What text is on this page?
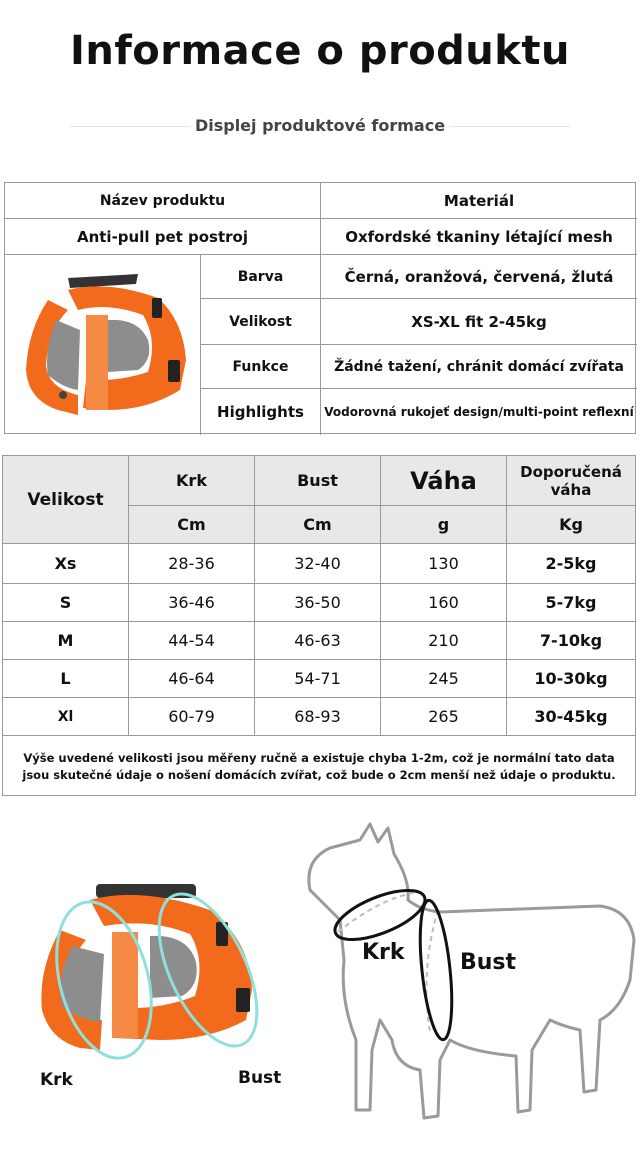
Informace o produktu
Displej produktové formace
Název produktu	Materiál
Anti-pull pet postroj	Oxfordské tkaniny létající mesh
Barva	Černá, oranžová, červená, žlutá
Velikost	XS-XL fit 2-45kg
Funkce	Žádné tažení, chránit domácí zvířata
Highlights	Vodorovná rukojeť design/multi-point reflexní
Velikost
Krk	Bust	Váha	Doporučená váha
Cm	Cm	g	Kg
Xs	28-36	32-40	130	2-5kg
S	36-46	36-50	160	5-7kg
M	44-54	46-63	210	7-10kg
L	46-64	54-71	245	10-30kg
Xl	60-79	68-93	265	30-45kg
Výše uvedené velikosti jsou měřeny ručně a existuje chyba 1-2m, což je normální tato data jsou skutečné údaje o nošení domácích zvířat, což bude o 2cm menší než údaje o produktu.
Krk	Bust
Krk	Bust
